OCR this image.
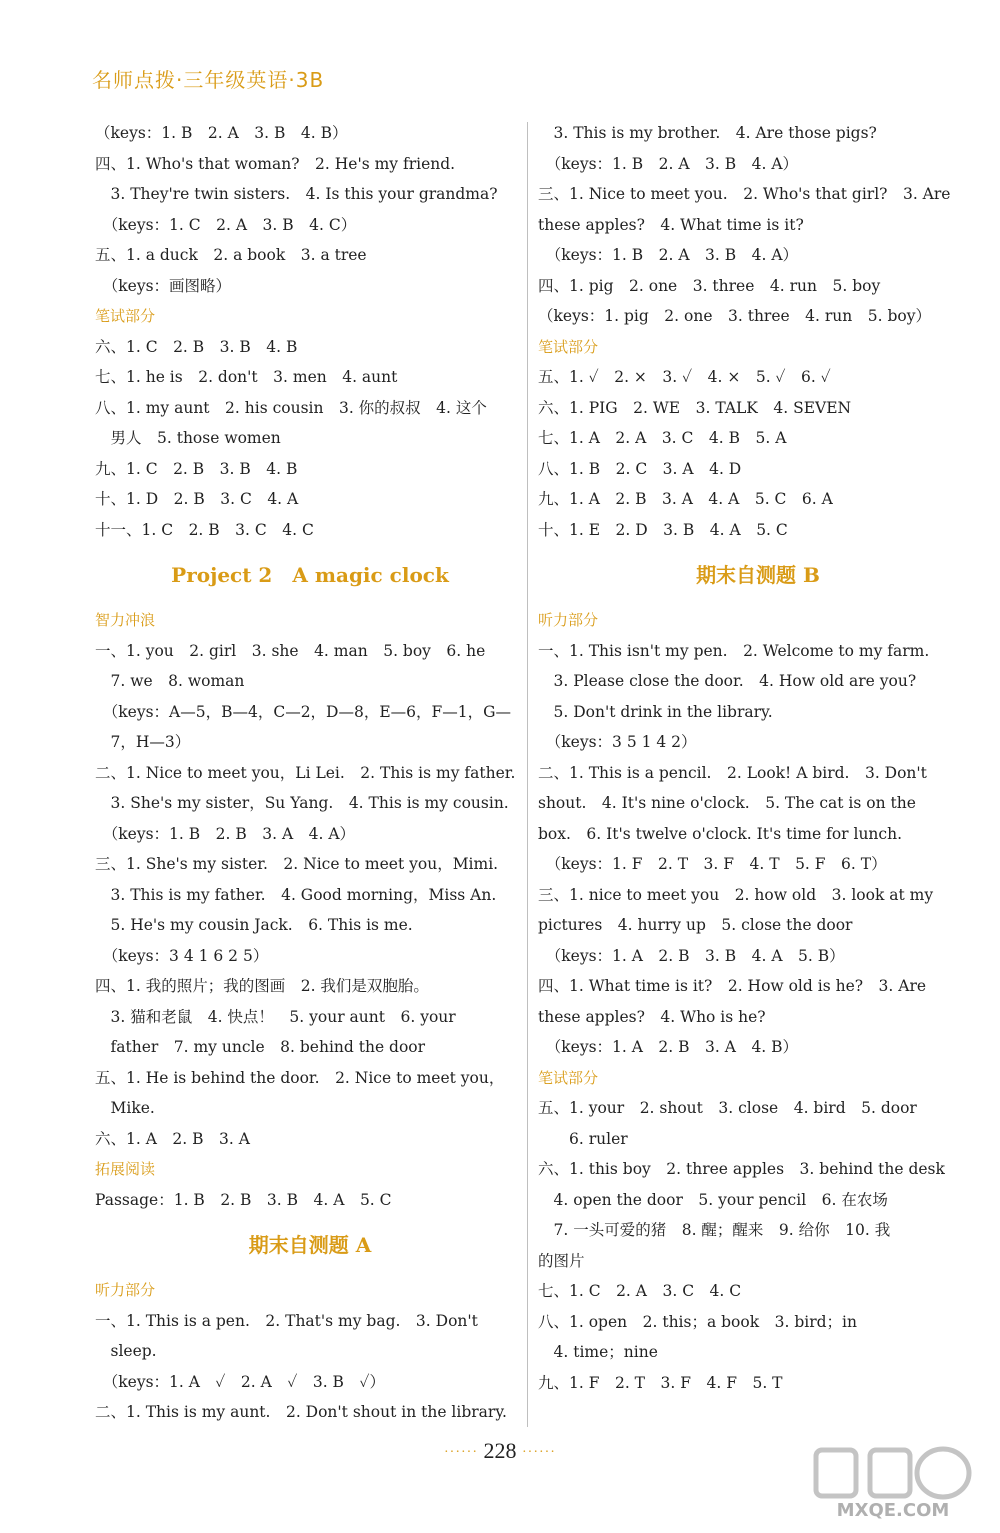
名师点拨·三年级英语·3B
（keys：1. B　2. A　3. B　4. B）
四、1. Who's that woman?　2. He's my friend.
　3. They're twin sisters.　4. Is this your grandma?
　（keys：1. C　2. A　3. B　4. C）
五、1. a duck　2. a book　3. a tree
　（keys：画图略）
笔试部分
六、1. C　2. B　3. B　4. B
七、1. he is　2. don't　3. men　4. aunt
八、1. my aunt　2. his cousin　3. 你的叔叔　4. 这个
　男人　5. those women
九、1. C　2. B　3. B　4. B
十、1. D　2. B　3. C　4. A
十一、1. C　2. B　3. C　4. C
Project 2　A magic clock
智力冲浪
一、1. you　2. girl　3. she　4. man　5. boy　6. he
　7. we　8. woman
　（keys：A—5，B—4，C—2，D—8，E—6，F—1，G—
　7，H—3）
二、1. Nice to meet you，Li Lei.　2. This is my father.
　3. She's my sister，Su Yang.　4. This is my cousin.
　（keys：1. B　2. B　3. A　4. A）
三、1. She's my sister.　2. Nice to meet you，Mimi.
　3. This is my father.　4. Good morning，Miss An.
　5. He's my cousin Jack.　6. This is me.
　（keys：3 4 1 6 2 5）
四、1. 我的照片；我的图画　2. 我们是双胞胎。
　3. 猫和老鼠　4. 快点！　5. your aunt　6. your
　father　7. my uncle　8. behind the door
五、1. He is behind the door.　2. Nice to meet you，
　Mike.
六、1. A　2. B　3. A
拓展阅读
Passage：1. B　2. B　3. B　4. A　5. C
期末自测题 A
听力部分
一、1. This is a pen.　2. That's my bag.　3. Don't
　sleep.
　（keys：1. A　✓　2. A　✓　3. B　✓）
二、1. This is my aunt.　2. Don't shout in the library.
　3. This is my brother.　4. Are those pigs?
　（keys：1. B　2. A　3. B　4. A）
三、1. Nice to meet you.　2. Who's that girl?　3. Are
these apples?　4. What time is it?
　（keys：1. B　2. A　3. B　4. A）
四、1. pig　2. one　3. three　4. run　5. boy
（keys：1. pig　2. one　3. three　4. run　5. boy）
笔试部分
五、1. ✓　2. ×　3. ✓　4. ×　5. ✓　6. ✓
六、1. PIG　2. WE　3. TALK　4. SEVEN
七、1. A　2. A　3. C　4. B　5. A
八、1. B　2. C　3. A　4. D
九、1. A　2. B　3. A　4. A　5. C　6. A
十、1. E　2. D　3. B　4. A　5. C
期末自测题 B
听力部分
一、1. This isn't my pen.　2. Welcome to my farm.
　3. Please close the door.　4. How old are you?
　5. Don't drink in the library.
　（keys：3 5 1 4 2）
二、1. This is a pencil.　2. Look! A bird.　3. Don't
shout.　4. It's nine o'clock.　5. The cat is on the
box.　6. It's twelve o'clock. It's time for lunch.
　（keys：1. F　2. T　3. F　4. T　5. F　6. T）
三、1. nice to meet you　2. how old　3. look at my
pictures　4. hurry up　5. close the door
　（keys：1. A　2. B　3. B　4. A　5. B）
四、1. What time is it?　2. How old is he?　3. Are
these apples?　4. Who is he?
　（keys：1. A　2. B　3. A　4. B）
笔试部分
五、1. your　2. shout　3. close　4. bird　5. door
　　6. ruler
六、1. this boy　2. three apples　3. behind the desk
　4. open the door　5. your pencil　6. 在农场
　7. 一头可爱的猪　8. 醒；醒来　9. 给你　10. 我
的图片
七、1. C　2. A　3. C　4. C
八、1. open　2. this；a book　3. bird；in
　4. time；nine
九、1. F　2. T　3. F　4. F　5. T
······ 228 ······
MXQE.COM
